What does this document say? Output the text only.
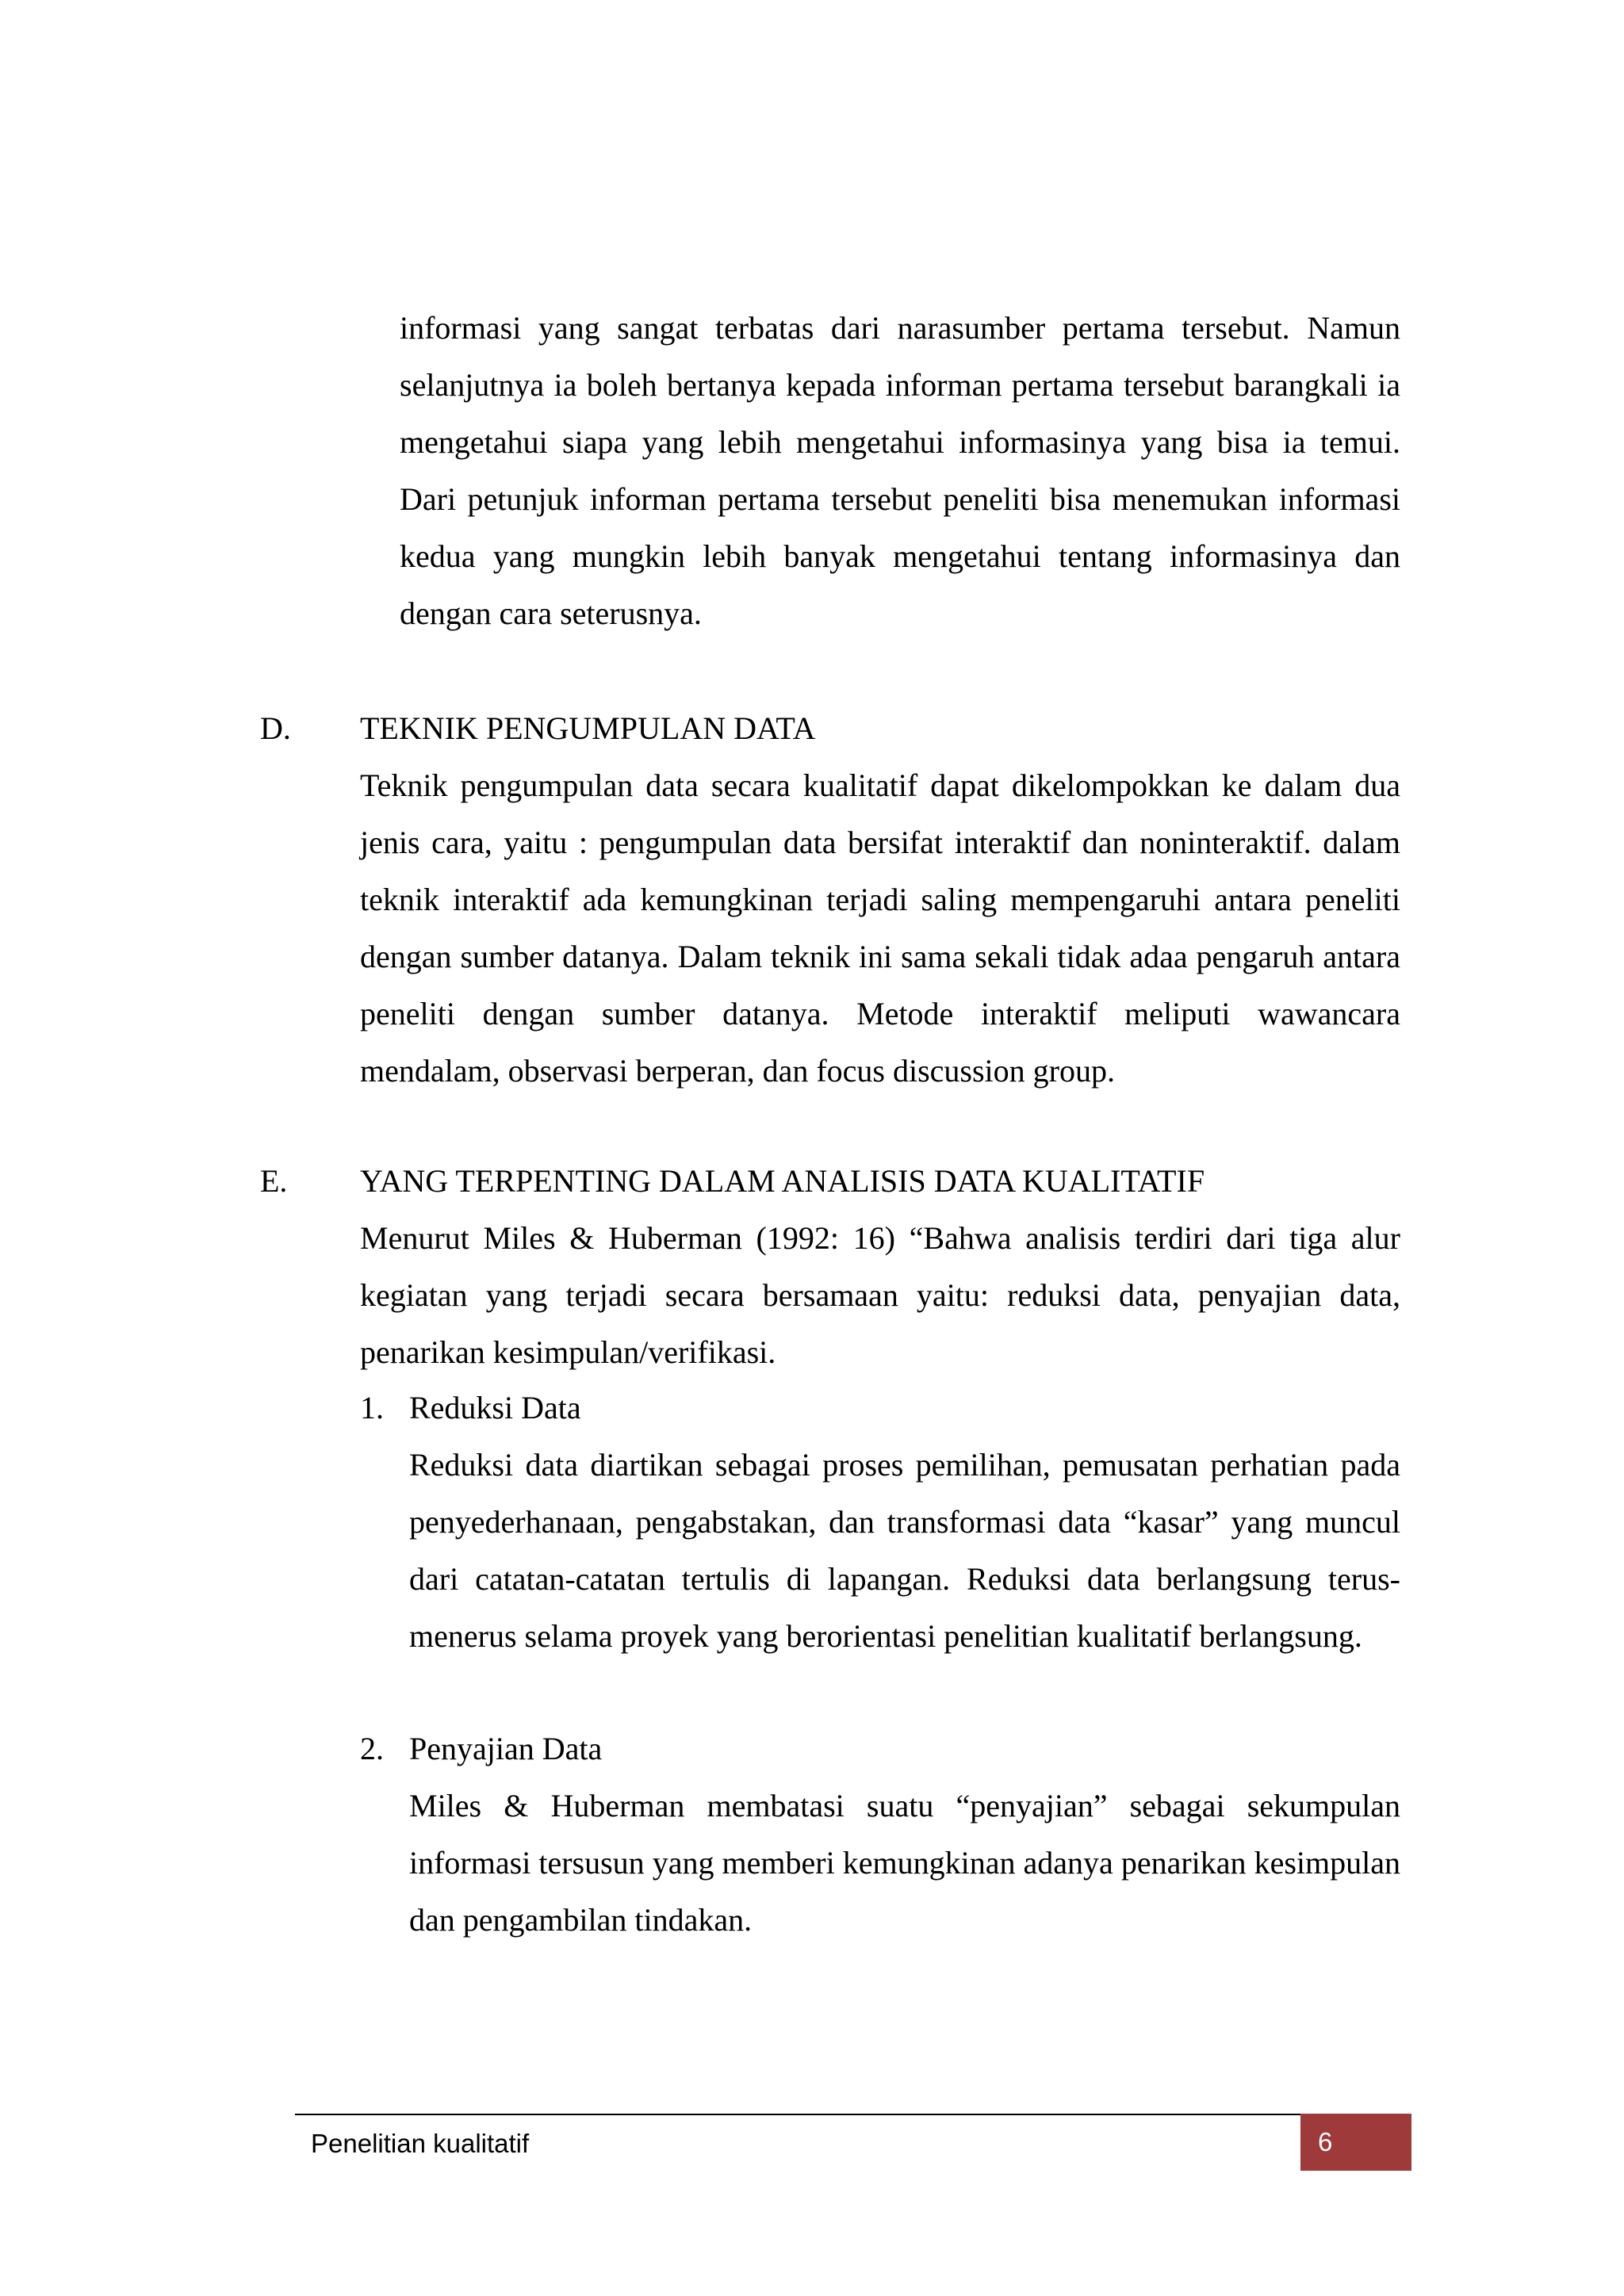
informasi yang sangat terbatas dari narasumber pertama tersebut. Namun selanjutnya ia boleh bertanya kepada informan pertama tersebut barangkali ia mengetahui siapa yang lebih mengetahui informasinya yang bisa ia temui. Dari petunjuk informan pertama tersebut peneliti bisa menemukan informasi kedua yang mungkin lebih banyak mengetahui tentang informasinya dan dengan cara seterusnya.

D. TEKNIK PENGUMPULAN DATA

Teknik pengumpulan data secara kualitatif dapat dikelompokkan ke dalam dua jenis cara, yaitu : pengumpulan data bersifat interaktif dan noninteraktif. dalam teknik interaktif ada kemungkinan terjadi saling mempengaruhi antara peneliti dengan sumber datanya. Dalam teknik ini sama sekali tidak adaa pengaruh antara peneliti dengan sumber datanya. Metode interaktif meliputi wawancara mendalam, observasi berperan, dan focus discussion group.

E. YANG TERPENTING DALAM ANALISIS DATA KUALITATIF

Menurut Miles & Huberman (1992: 16) “Bahwa analisis terdiri dari tiga alur kegiatan yang terjadi secara bersamaan yaitu: reduksi data, penyajian data, penarikan kesimpulan/verifikasi.

1. Reduksi Data

Reduksi data diartikan sebagai proses pemilihan, pemusatan perhatian pada penyederhanaan, pengabstakan, dan transformasi data “kasar” yang muncul dari catatan-catatan tertulis di lapangan. Reduksi data berlangsung terus-menerus selama proyek yang berorientasi penelitian kualitatif berlangsung.

2. Penyajian Data

Miles & Huberman membatasi suatu “penyajian” sebagai sekumpulan informasi tersusun yang memberi kemungkinan adanya penarikan kesimpulan dan pengambilan tindakan.

Penelitian kualitatif	6
